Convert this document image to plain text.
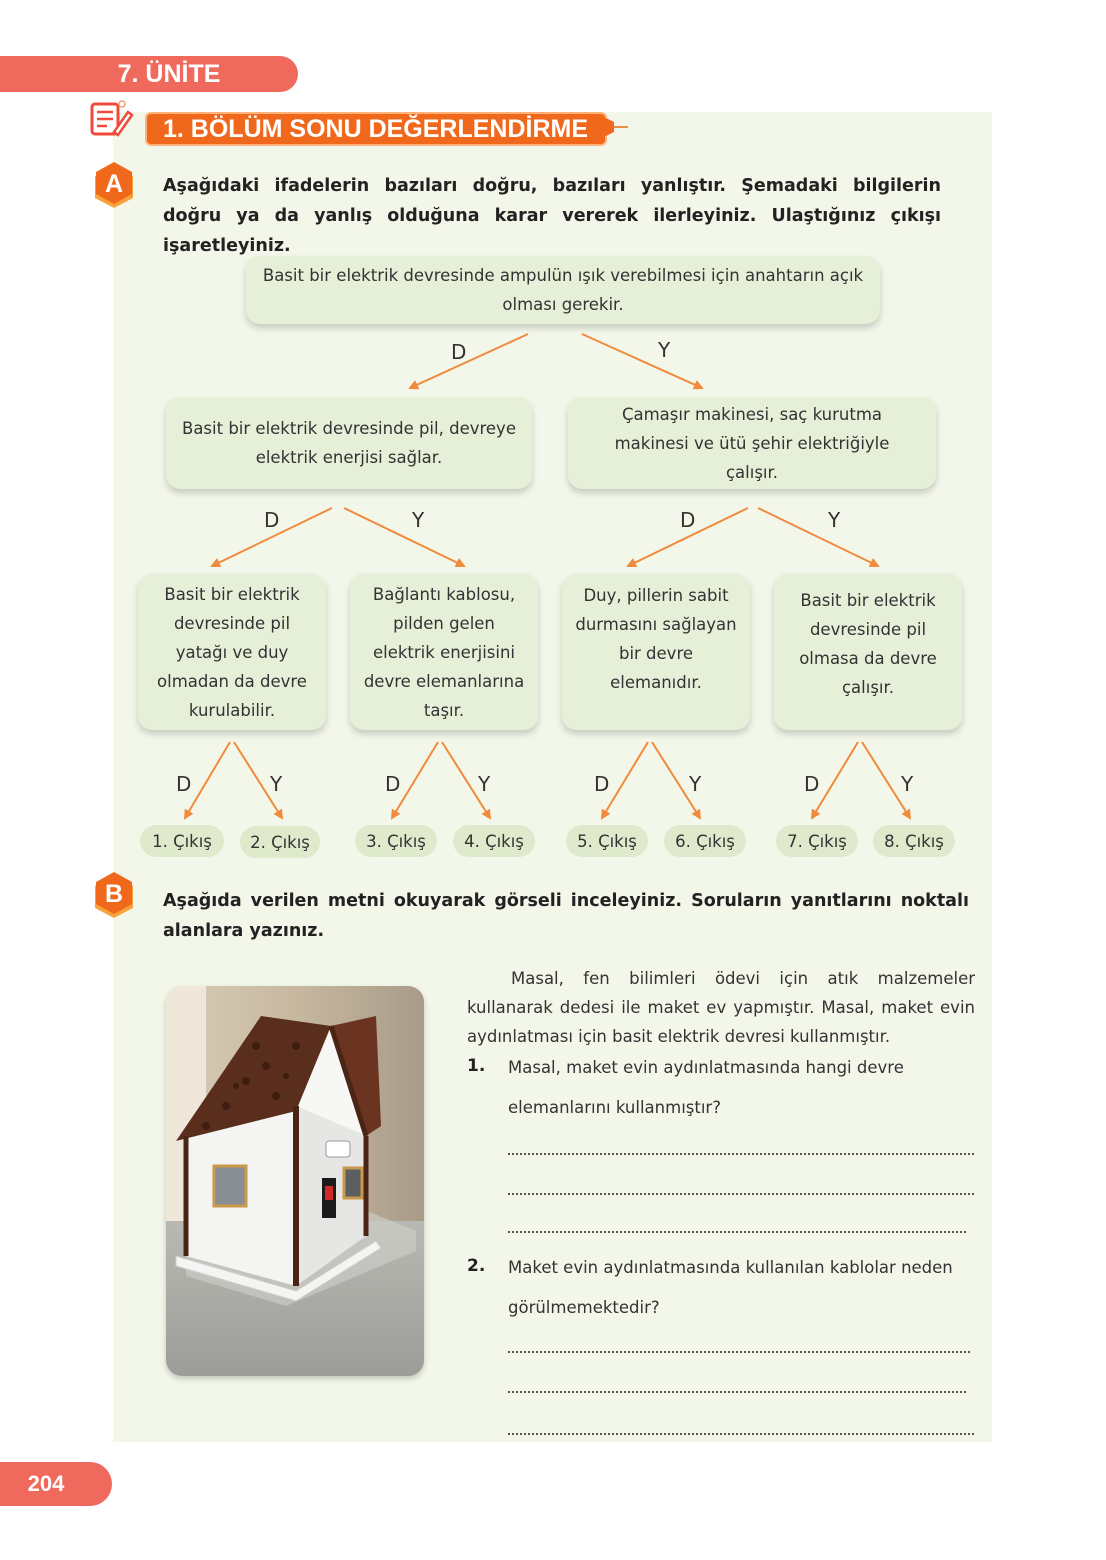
7. ÜNİTE
1. BÖLÜM SONU DEĞERLENDİRME
A	Aşağıdaki ifadelerin bazıları doğru, bazıları yanlıştır. Şemadaki bilgilerin doğru ya da yanlış olduğuna karar vererek ilerleyiniz. Ulaştığınız çıkışı işaretleyiniz.
Basit bir elektrik devresinde ampulün ışık verebilmesi için anahtarın açık olması gerekir.
D	Y
Basit bir elektrik devresinde pil, devreye elektrik enerjisi sağlar.
Çamaşır makinesi, saç kurutma makinesi ve ütü şehir elektriğiyle çalışır.
D	Y	D	Y
Basit bir elektrik devresinde pil yatağı ve duy olmadan da devre kurulabilir.
Bağlantı kablosu, pilden gelen elektrik enerjisini devre elemanlarına taşır.
Duy, pillerin sabit durmasını sağlayan bir devre elemanıdır.
Basit bir elektrik devresinde pil olmasa da devre çalışır.
D	Y	D	Y	D	Y	D	Y
1. Çıkış	2. Çıkış	3. Çıkış	4. Çıkış	5. Çıkış	6. Çıkış	7. Çıkış	8. Çıkış
B	Aşağıda verilen metni okuyarak görseli inceleyiniz. Soruların yanıtlarını noktalı alanlara yazınız.
Masal, fen bilimleri ödevi için atık malzemeler kullanarak dedesi ile maket ev yapmıştır. Masal, maket evin aydınlatması için basit elektrik devresi kullanmıştır.
1. Masal, maket evin aydınlatmasında hangi devre elemanlarını kullanmıştır?
2. Maket evin aydınlatmasında kullanılan kablolar neden görülmemektedir?
204
